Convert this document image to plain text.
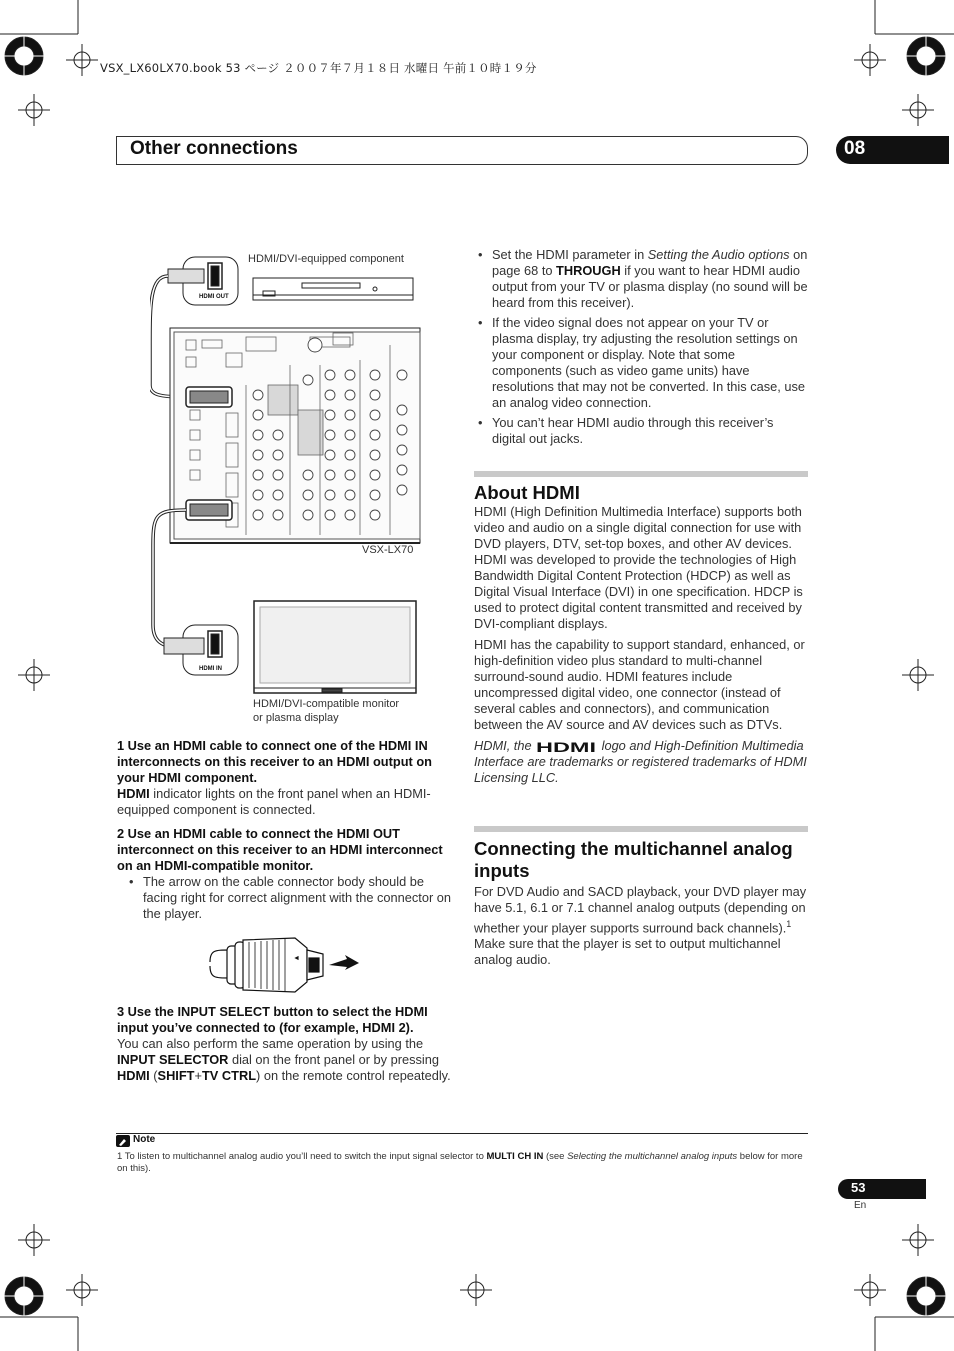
VSX_LX60LX70.book 53 ページ ２００７年７月１８日 水曜日 午前１０時１９分
Other connections	08
HDMI OUT
HDMI IN
HDMI/DVI-equipped component
VSX-LX70
HDMI/DVI-compatible monitor
or plasma display
1 Use an HDMI cable to connect one of the HDMI IN interconnects on this receiver to an HDMI output on your HDMI component.
HDMI indicator lights on the front panel when an HDMI-equipped component is connected.
2 Use an HDMI cable to connect the HDMI OUT interconnect on this receiver to an HDMI interconnect on an HDMI-compatible monitor.
• The arrow on the cable connector body should be facing right for correct alignment with the connector on the player.
◄
3 Use the INPUT SELECT button to select the HDMI input you’ve connected to (for example, HDMI 2).
You can also perform the same operation by using the INPUT SELECTOR dial on the front panel or by pressing HDMI (SHIFT+TV CTRL) on the remote control repeatedly.
• Set the HDMI parameter in Setting the Audio options on page 68 to THROUGH if you want to hear HDMI audio output from your TV or plasma display (no sound will be heard from this receiver).
• If the video signal does not appear on your TV or plasma display, try adjusting the resolution settings on your component or display. Note that some components (such as video game units) have resolutions that may not be converted. In this case, use an analog video connection.
• You can’t hear HDMI audio through this receiver’s digital out jacks.
About HDMI
HDMI (High Definition Multimedia Interface) supports both video and audio on a single digital connection for use with DVD players, DTV, set-top boxes, and other AV devices. HDMI was developed to provide the technologies of High Bandwidth Digital Content Protection (HDCP) as well as Digital Visual Interface (DVI) in one specification. HDCP is used to protect digital content transmitted and received by DVI-compliant displays.
HDMI has the capability to support standard, enhanced, or high-definition video plus standard to multi-channel surround-sound audio. HDMI features include uncompressed digital video, one connector (instead of several cables and connectors), and communication between the AV source and AV devices such as DTVs.
HDMI, the HDMI logo and High-Definition Multimedia Interface are trademarks or registered trademarks of HDMI Licensing LLC.
Connecting the multichannel analog inputs
For DVD Audio and SACD playback, your DVD player may have 5.1, 6.1 or 7.1 channel analog outputs (depending on whether your player supports surround back channels).$^1$ Make sure that the player is set to output multichannel analog audio.
Note
1 To listen to multichannel analog audio you’ll need to switch the input signal selector to MULTI CH IN (see Selecting the multichannel analog inputs below for more on this).
53
En
